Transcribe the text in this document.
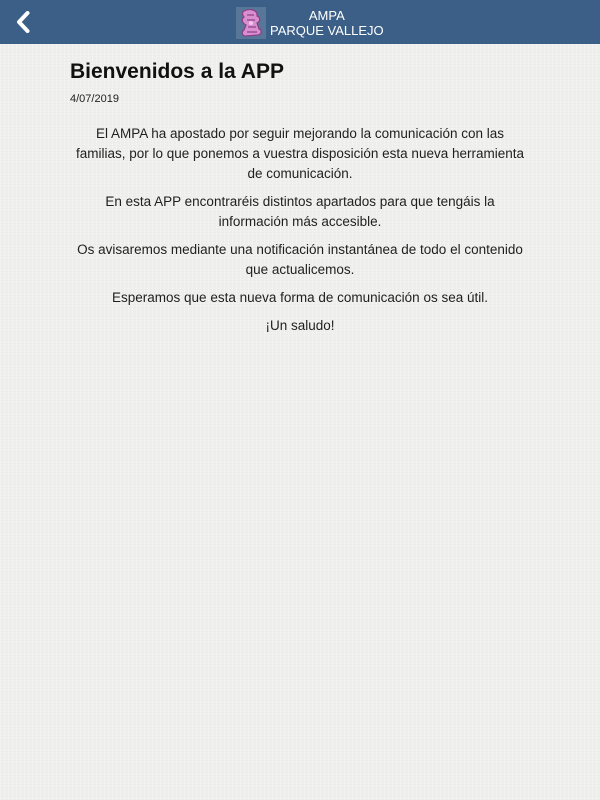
AMPA
PARQUE VALLEJO
Bienvenidos a la APP
4/07/2019

El AMPA ha apostado por seguir mejorando la comunicación con las familias, por lo que ponemos a vuestra disposición esta nueva herramienta de comunicación.

En esta APP encontraréis distintos apartados para que tengáis la información más accesible.

Os avisaremos mediante una notificación instantánea de todo el contenido que actualicemos.

Esperamos que esta nueva forma de comunicación os sea útil.

¡Un saludo!
